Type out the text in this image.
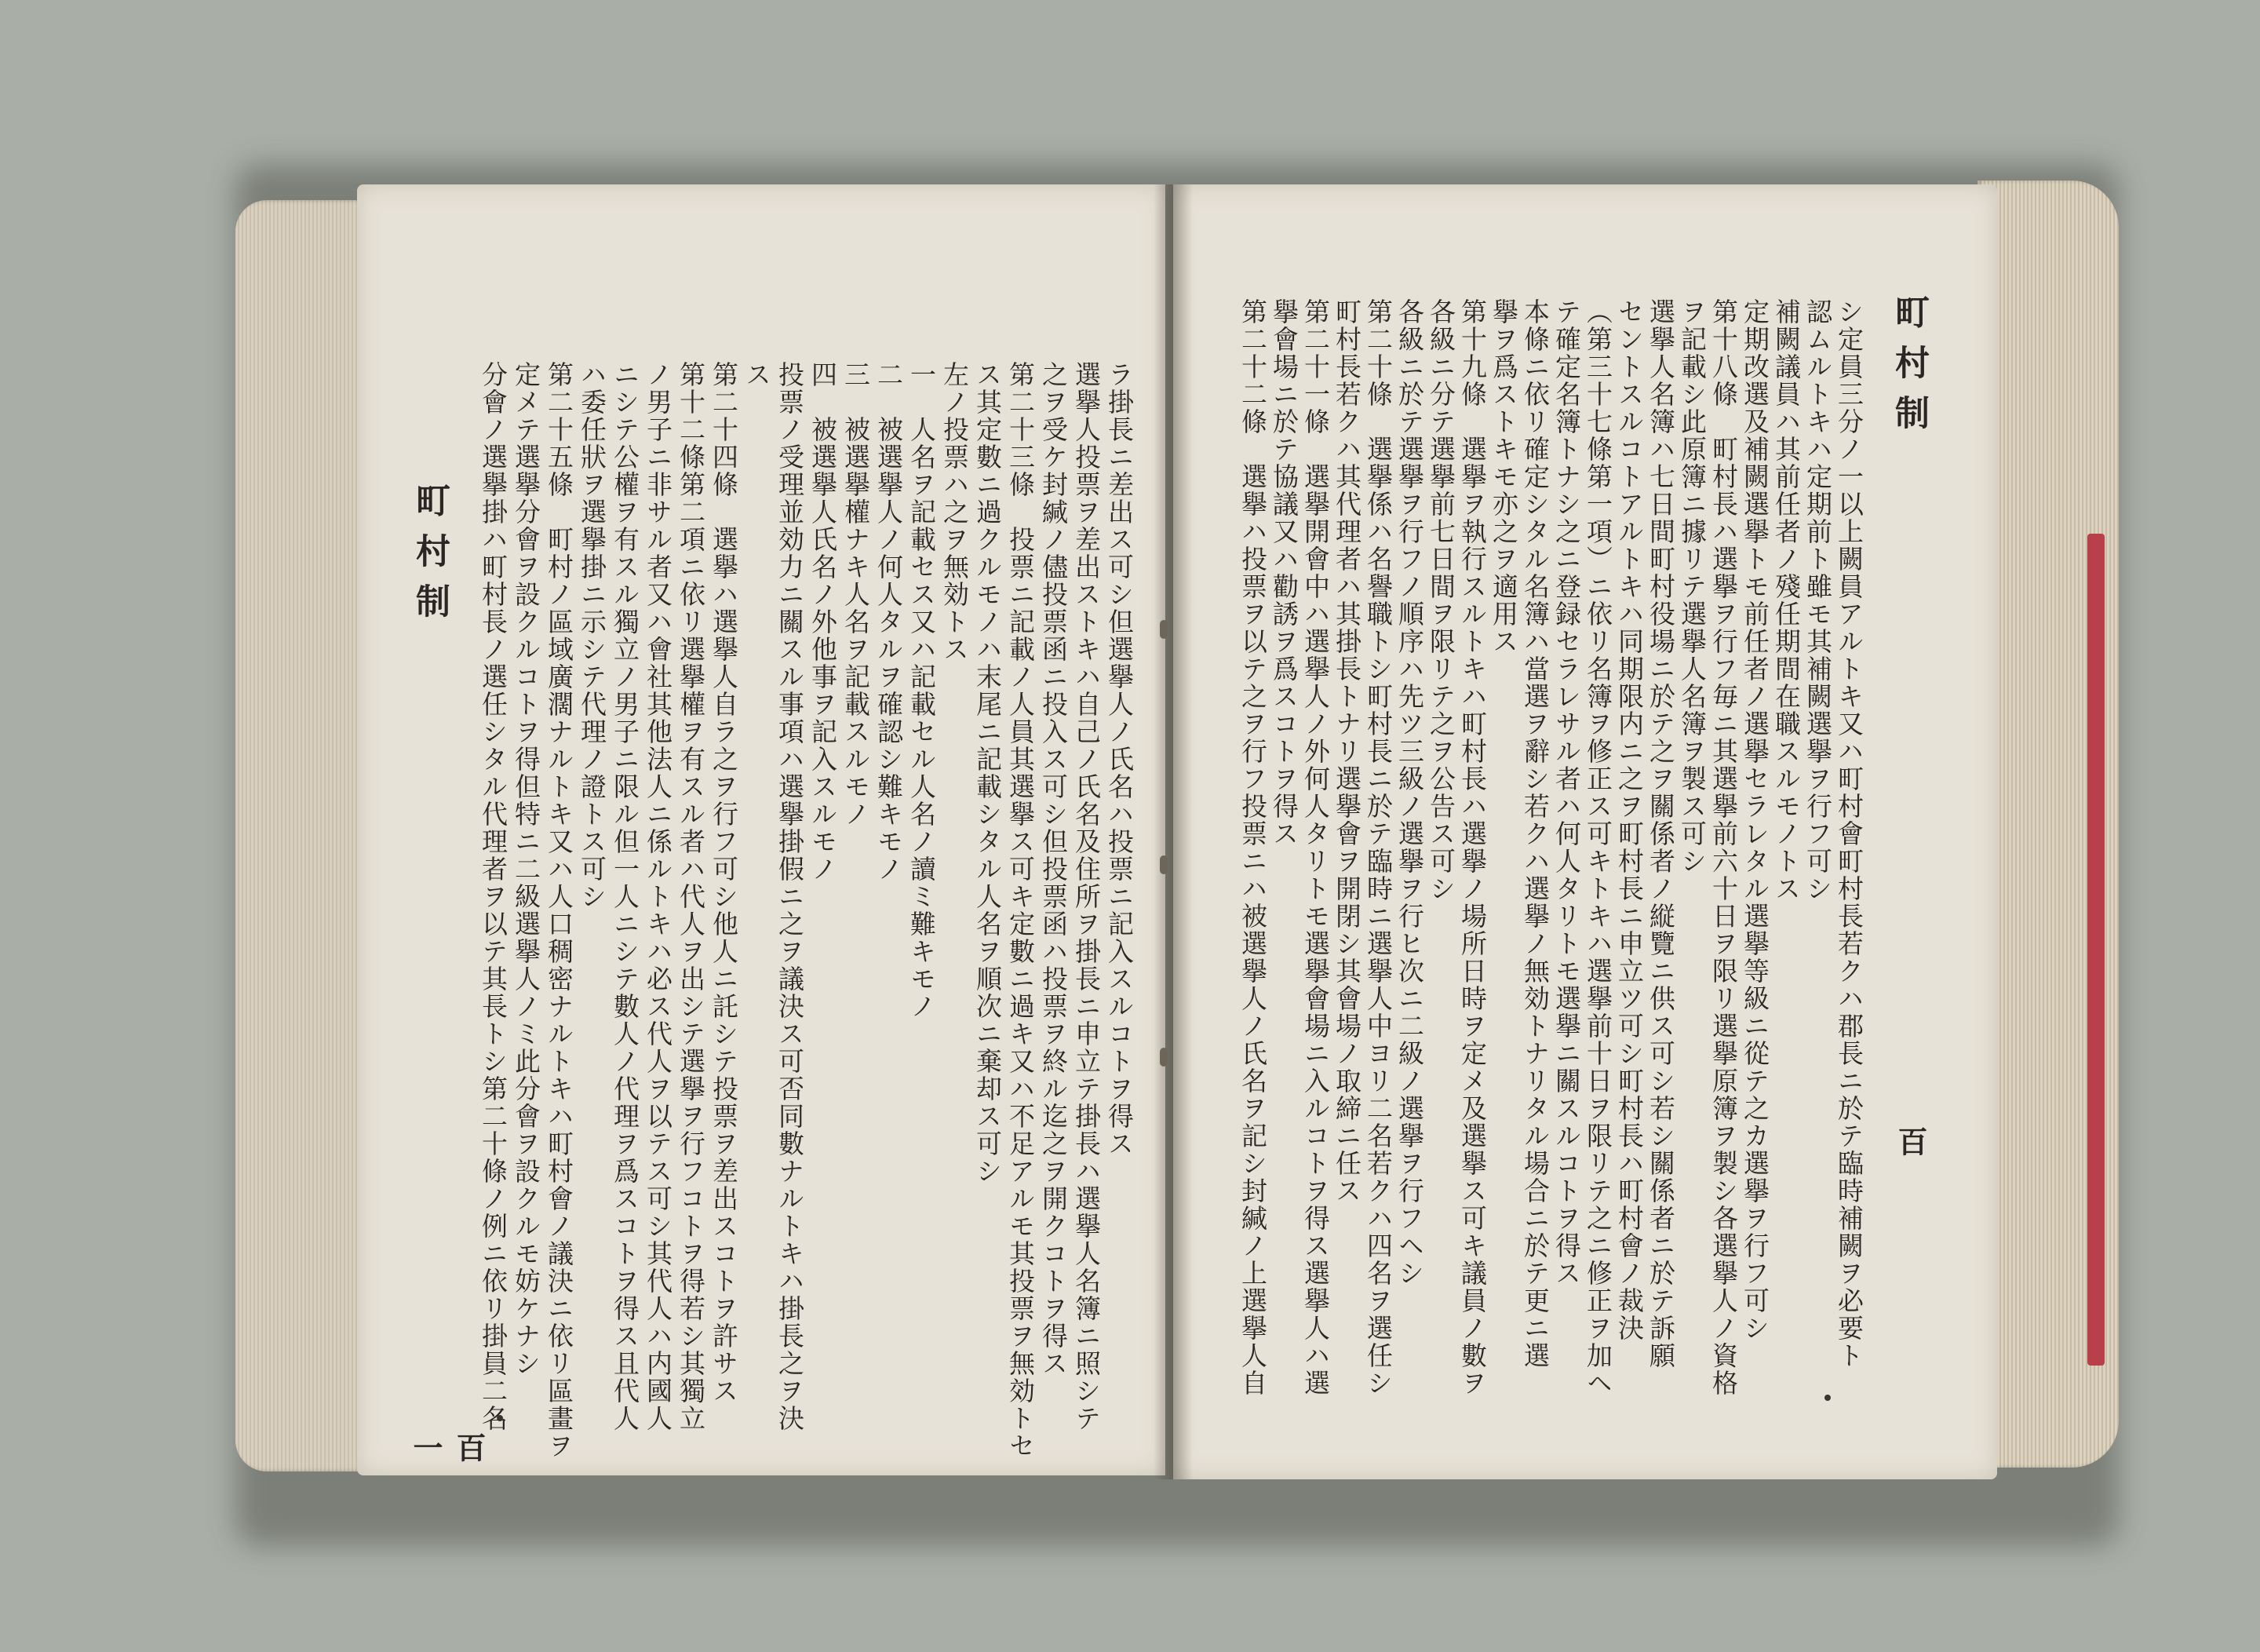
町村制
百一
ラ掛長ニ差出ス可シ但選擧人ノ氏名ハ投票ニ記入スルコトヲ得ス
選擧人投票ヲ差出ストキハ自己ノ氏名及住所ヲ掛長ニ申立テ掛長ハ選擧人名簿ニ照シテ
之ヲ受ケ封緘ノ儘投票函ニ投入ス可シ但投票函ハ投票ヲ終ル迄之ヲ開クコトヲ得ス
第二十三條　投票ニ記載ノ人員其選擧ス可キ定數ニ過キ又ハ不足アルモ其投票ヲ無効トセ
ス其定數ニ過クルモノハ末尾ニ記載シタル人名ヲ順次ニ棄却ス可シ
左ノ投票ハ之ヲ無効トス
一　人名ヲ記載セス又ハ記載セル人名ノ讀ミ難キモノ
二　被選擧人ノ何人タルヲ確認シ難キモノ
三　被選擧權ナキ人名ヲ記載スルモノ
四　被選擧人氏名ノ外他事ヲ記入スルモノ
投票ノ受理並効力ニ關スル事項ハ選擧掛假ニ之ヲ議決ス可否同數ナルトキハ掛長之ヲ決
ス
第二十四條　選擧ハ選擧人自ラ之ヲ行フ可シ他人ニ託シテ投票ヲ差出スコトヲ許サス
第十二條第二項ニ依リ選擧權ヲ有スル者ハ代人ヲ出シテ選擧ヲ行フコトヲ得若シ其獨立
ノ男子ニ非サル者又ハ會社其他法人ニ係ルトキハ必ス代人ヲ以テス可シ其代人ハ内國人
ニシテ公權ヲ有スル獨立ノ男子ニ限ル但一人ニシテ數人ノ代理ヲ爲スコトヲ得ス且代人
ハ委任狀ヲ選擧掛ニ示シテ代理ノ證トス可シ
第二十五條　町村ノ區域廣濶ナルトキ又ハ人口稠密ナルトキハ町村會ノ議決ニ依リ區畫ヲ
定メテ選擧分會ヲ設クルコトヲ得但特ニ二級選擧人ノミ此分會ヲ設クルモ妨ケナシ
分會ノ選擧掛ハ町村長ノ選任シタル代理者ヲ以テ其長トシ第二十條ノ例ニ依リ掛員二名	町村制
百
シ定員三分ノ一以上闕員アルトキ又ハ町村會町村長若クハ郡長ニ於テ臨時補闕ヲ必要ト
認ムルトキハ定期前ト雖モ其補闕選擧ヲ行フ可シ
補闕議員ハ其前任者ノ殘任期間在職スルモノトス
定期改選及補闕選擧トモ前任者ノ選擧セラレタル選擧等級ニ從テ之カ選擧ヲ行フ可シ
第十八條　町村長ハ選擧ヲ行フ毎ニ其選擧前六十日ヲ限リ選擧原簿ヲ製シ各選擧人ノ資格
ヲ記載シ此原簿ニ據リテ選擧人名簿ヲ製ス可シ
選擧人名簿ハ七日間町村役場ニ於テ之ヲ關係者ノ縦覽ニ供ス可シ若シ關係者ニ於テ訴願
セントスルコトアルトキハ同期限内ニ之ヲ町村長ニ申立ツ可シ町村長ハ町村會ノ裁決
（第三十七條第一項）ニ依リ名簿ヲ修正ス可キトキハ選擧前十日ヲ限リテ之ニ修正ヲ加ヘ
テ確定名簿トナシ之ニ登録セラレサル者ハ何人タリトモ選擧ニ關スルコトヲ得ス
本條ニ依リ確定シタル名簿ハ當選ヲ辭シ若クハ選擧ノ無効トナリタル場合ニ於テ更ニ選
擧ヲ爲ストキモ亦之ヲ適用ス
第十九條　選擧ヲ執行スルトキハ町村長ハ選擧ノ場所日時ヲ定メ及選擧ス可キ議員ノ數ヲ
各級ニ分テ選擧前七日間ヲ限リテ之ヲ公告ス可シ
各級ニ於テ選擧ヲ行フノ順序ハ先ツ三級ノ選擧ヲ行ヒ次ニ二級ノ選擧ヲ行フヘシ
第二十條　選擧係ハ名譽職トシ町村長ニ於テ臨時ニ選擧人中ヨリ二名若クハ四名ヲ選任シ
町村長若クハ其代理者ハ其掛長トナリ選擧會ヲ開閉シ其會場ノ取締ニ任ス
第二十一條　選擧開會中ハ選擧人ノ外何人タリトモ選擧會場ニ入ルコトヲ得ス選擧人ハ選
擧會場ニ於テ協議又ハ勸誘ヲ爲スコトヲ得ス
第二十二條　選擧ハ投票ヲ以テ之ヲ行フ投票ニハ被選擧人ノ氏名ヲ記シ封緘ノ上選擧人自
